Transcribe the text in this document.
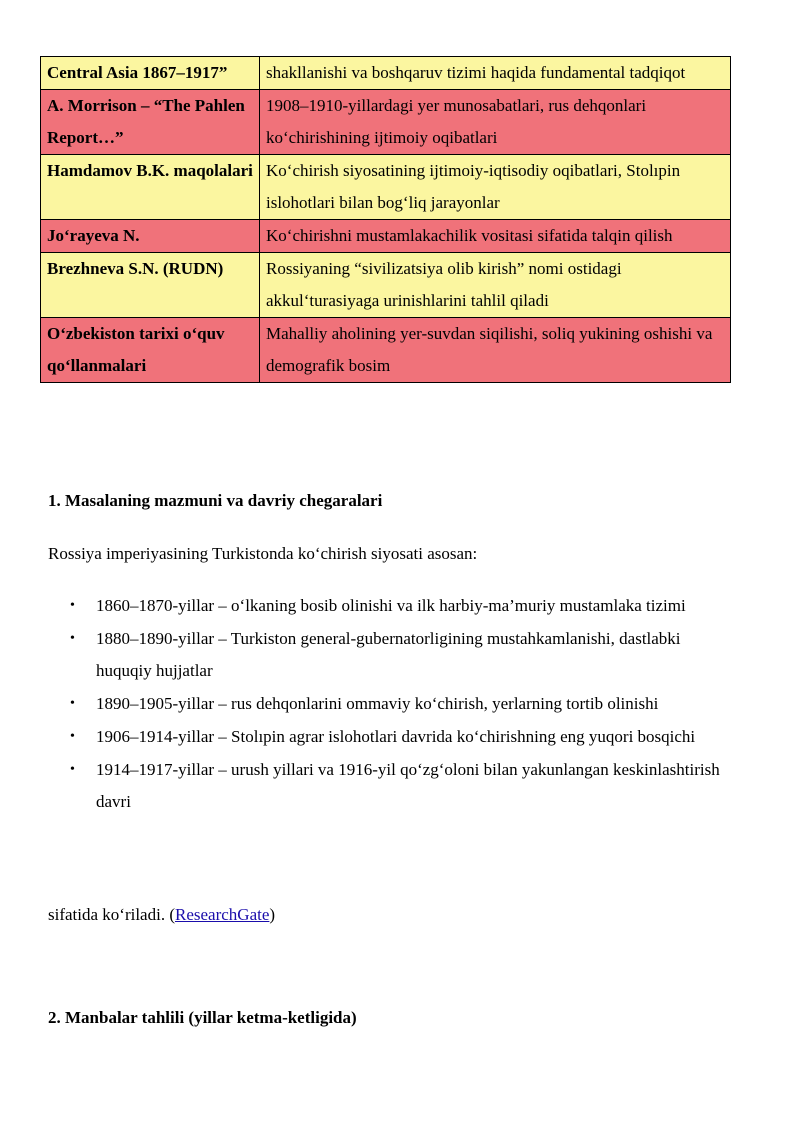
Central Asia 1867–1917”	shakllanishi va boshqaruv tizimi haqida fundamental tadqiqot
A. Morrison – “The Pahlen Report…”	1908–1910-yillardagi yer munosabatlari, rus dehqonlari ko‘chirishining ijtimoiy oqibatlari
Hamdamov B.K. maqolalari	Ko‘chirish siyosatining ijtimoiy-iqtisodiy oqibatlari, Stolıpin islohotlari bilan bog‘liq jarayonlar
Jo‘rayeva N.	Ko‘chirishni mustamlakachilik vositasi sifatida talqin qilish
Brezhneva S.N. (RUDN)	Rossiyaning “sivilizatsiya olib kirish” nomi ostidagi akkul‘turasiyaga urinishlarini tahlil qiladi
O‘zbekiston tarixi o‘quv qo‘llanmalari	Mahalliy aholining yer-suvdan siqilishi, soliq yukining oshishi va demografik bosim
1. Masalaning mazmuni va davriy chegaralari

Rossiya imperiyasining Turkistonda ko‘chirish siyosati asosan:

• 1860–1870-yillar – o‘lkaning bosib olinishi va ilk harbiy-ma’muriy mustamlaka tizimi
• 1880–1890-yillar – Turkiston general-gubernatorligining mustahkamlanishi, dastlabki huquqiy hujjatlar
• 1890–1905-yillar – rus dehqonlarini ommaviy ko‘chirish, yerlarning tortib olinishi
• 1906–1914-yillar – Stolıpin agrar islohotlari davrida ko‘chirishning eng yuqori bosqichi
• 1914–1917-yillar – urush yillari va 1916-yil qo‘zg‘oloni bilan yakunlangan keskinlashtirish davri

sifatida ko‘riladi. (ResearchGate)

2. Manbalar tahlili (yillar ketma-ketligida)
